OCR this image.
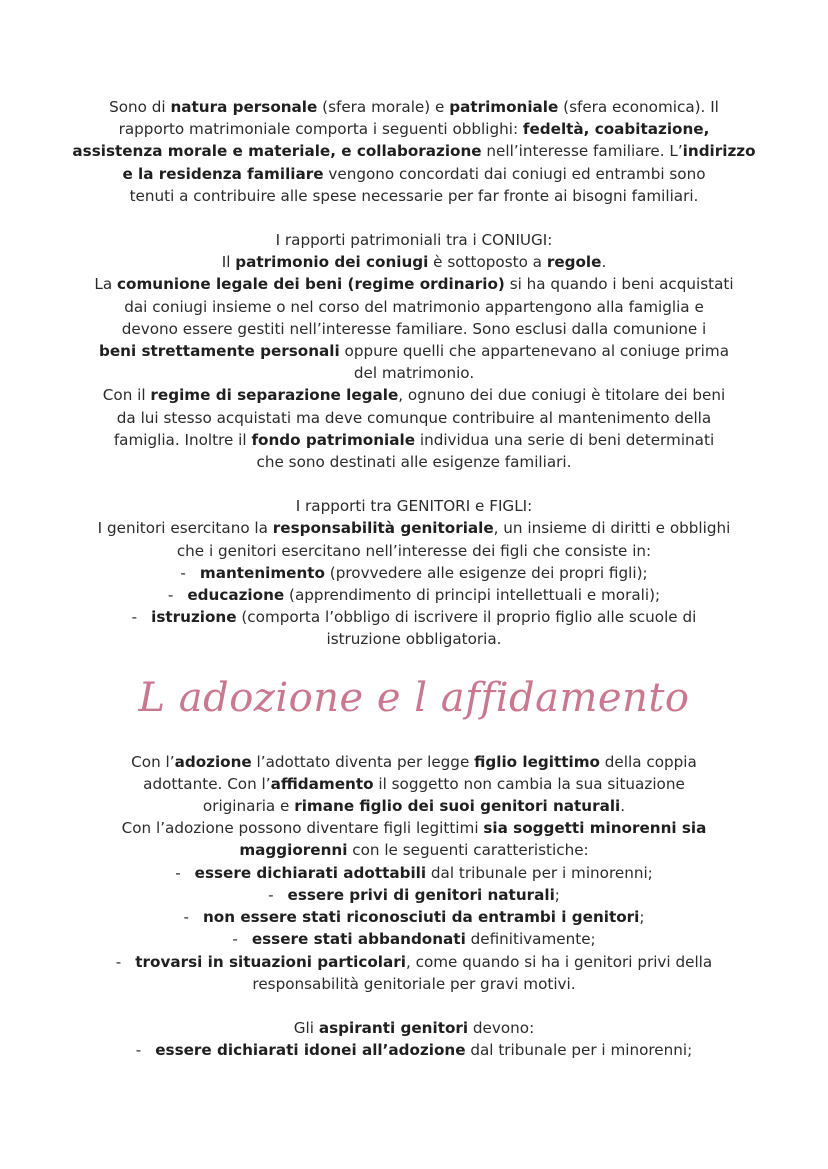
Sono di natura personale (sfera morale) e patrimoniale (sfera economica). Il
rapporto matrimoniale comporta i seguenti obblighi: fedeltà, coabitazione,
assistenza morale e materiale, e collaborazione nell’interesse familiare. L’indirizzo
e la residenza familiare vengono concordati dai coniugi ed entrambi sono
tenuti a contribuire alle spese necessarie per far fronte ai bisogni familiari.
I rapporti patrimoniali tra i CONIUGI:
Il patrimonio dei coniugi è sottoposto a regole.
La comunione legale dei beni (regime ordinario) si ha quando i beni acquistati
dai coniugi insieme o nel corso del matrimonio appartengono alla famiglia e
devono essere gestiti nell’interesse familiare. Sono esclusi dalla comunione i
beni strettamente personali oppure quelli che appartenevano al coniuge prima
del matrimonio.
Con il regime di separazione legale, ognuno dei due coniugi è titolare dei beni
da lui stesso acquistati ma deve comunque contribuire al mantenimento della
famiglia. Inoltre il fondo patrimoniale individua una serie di beni determinati
che sono destinati alle esigenze familiari.
I rapporti tra GENITORI e FIGLI:
I genitori esercitano la responsabilità genitoriale, un insieme di diritti e obblighi
che i genitori esercitano nell’interesse dei figli che consiste in:
- mantenimento (provvedere alle esigenze dei propri figli);
- educazione (apprendimento di principi intellettuali e morali);
- istruzione (comporta l’obbligo di iscrivere il proprio figlio alle scuole di
istruzione obbligatoria.
L adozione e l affidamento
Con l’adozione l’adottato diventa per legge figlio legittimo della coppia
adottante. Con l’affidamento il soggetto non cambia la sua situazione
originaria e rimane figlio dei suoi genitori naturali.
Con l’adozione possono diventare figli legittimi sia soggetti minorenni sia
maggiorenni con le seguenti caratteristiche:
- essere dichiarati adottabili dal tribunale per i minorenni;
- essere privi di genitori naturali;
- non essere stati riconosciuti da entrambi i genitori;
- essere stati abbandonati definitivamente;
- trovarsi in situazioni particolari, come quando si ha i genitori privi della
responsabilità genitoriale per gravi motivi.
Gli aspiranti genitori devono:
- essere dichiarati idonei all’adozione dal tribunale per i minorenni;
